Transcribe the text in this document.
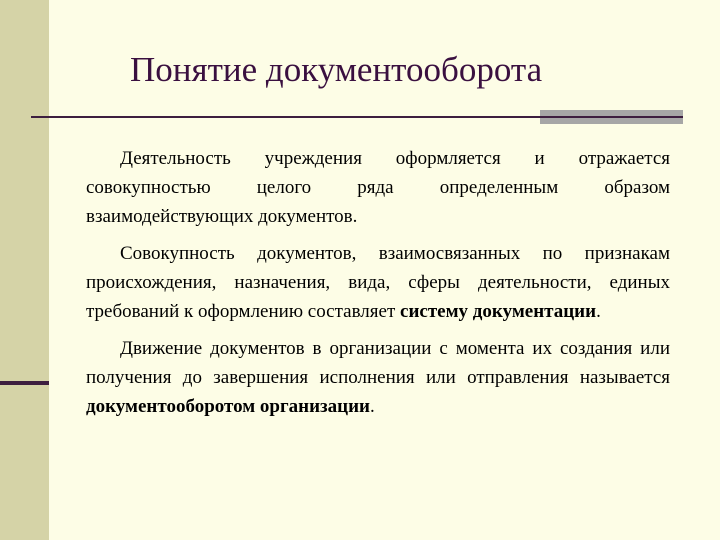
Понятие документооборота

Деятельность учреждения оформляется и отражается совокупностью целого ряда определенным образом взаимодействующих документов.

Совокупность документов, взаимосвязанных по признакам происхождения, назначения, вида, сферы деятельности, единых требований к оформлению составляет систему документации.

Движение документов в организации с момента их создания или получения до завершения исполнения или отправления называется документооборотом организации.
